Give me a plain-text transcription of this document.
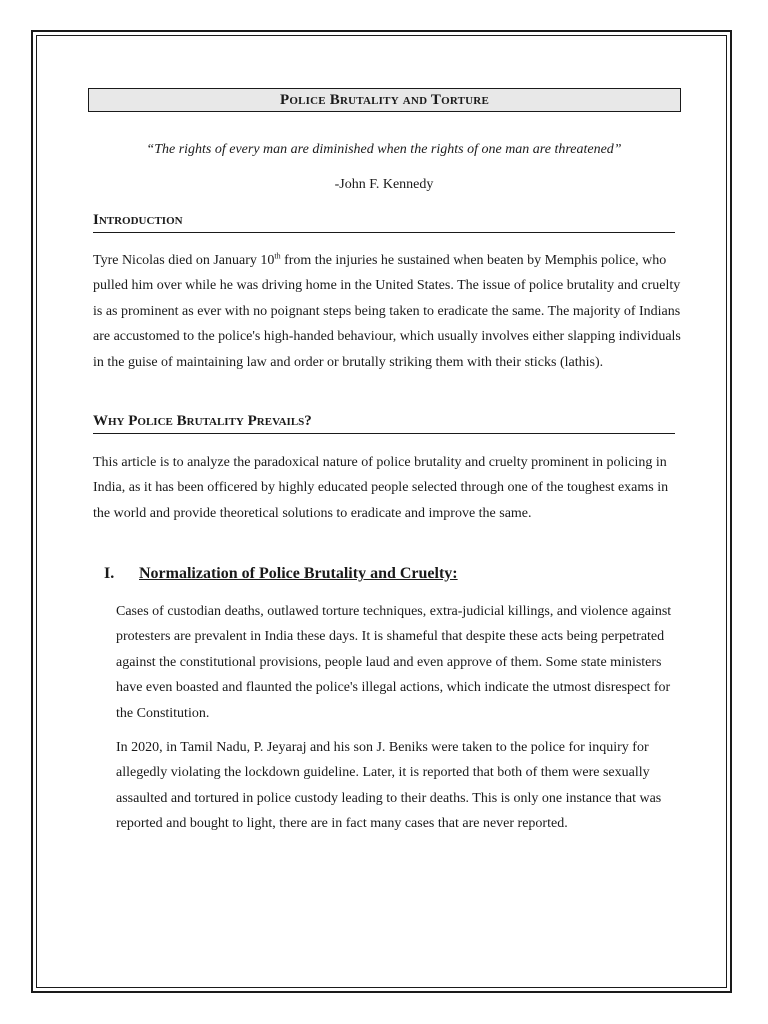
Police Brutality and Torture
“The rights of every man are diminished when the rights of one man are threatened”
-John F. Kennedy
Introduction
Tyre Nicolas died on January 10th from the injuries he sustained when beaten by Memphis police, who pulled him over while he was driving home in the United States. The issue of police brutality and cruelty is as prominent as ever with no poignant steps being taken to eradicate the same. The majority of Indians are accustomed to the police's high-handed behaviour, which usually involves either slapping individuals in the guise of maintaining law and order or brutally striking them with their sticks (lathis).
Why Police Brutality Prevails?
This article is to analyze the paradoxical nature of police brutality and cruelty prominent in policing in India, as it has been officered by highly educated people selected through one of the toughest exams in the world and provide theoretical solutions to eradicate and improve the same.
I. Normalization of Police Brutality and Cruelty:
Cases of custodian deaths, outlawed torture techniques, extra-judicial killings, and violence against protesters are prevalent in India these days. It is shameful that despite these acts being perpetrated against the constitutional provisions, people laud and even approve of them. Some state ministers have even boasted and flaunted the police's illegal actions, which indicate the utmost disrespect for the Constitution.
In 2020, in Tamil Nadu, P. Jeyaraj and his son J. Beniks were taken to the police for inquiry for allegedly violating the lockdown guideline. Later, it is reported that both of them were sexually assaulted and tortured in police custody leading to their deaths. This is only one instance that was reported and bought to light, there are in fact many cases that are never reported.
